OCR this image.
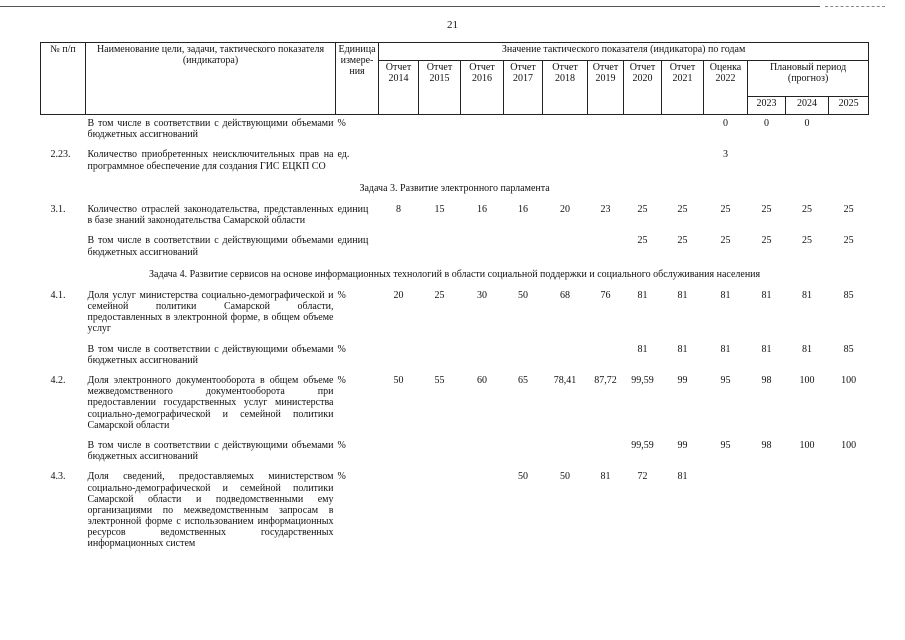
21
№ п/п	Наименование цели, задачи, тактического показателя (индикатора)	Единица измере-ния	Значение тактического показателя (индикатора) по годам											
			Отчет 2014	Отчет 2015	Отчет 2016	Отчет 2017	Отчет 2018	Отчет 2019	Отчет 2020	Отчет 2021	Оценка 2022	Плановый период (прогноз)		
												2023	2024	2025
	В том числе в соответствии с действующими объемами бюджетных ассигнований	%									0	0	0	
2.23.	Количество приобретенных неисключительных прав на программное обеспечение для создания ГИС ЕЦКП СО	ед.									3			
Задача 3. Развитие электронного парламента														
3.1.	Количество отраслей законодательства, представленных в базе знаний законодательства Самарской области	единиц	8	15	16	16	20	23	25	25	25	25	25	25
	В том числе в соответствии с действующими объемами бюджетных ассигнований	единиц							25	25	25	25	25	25
Задача 4. Развитие сервисов на основе информационных технологий в области социальной поддержки и социального обслуживания населения														
4.1.	Доля услуг министерства социально-демографической и семейной политики Самарской области, предоставленных в электронной форме, в общем объеме услуг	%	20	25	30	50	68	76	81	81	81	81	81	85
	В том числе в соответствии с действующими объемами бюджетных ассигнований	%							81	81	81	81	81	85
4.2.	Доля электронного документооборота в общем объеме межведомственного документооборота при предоставлении государственных услуг министерства социально-демографической и семейной политики Самарской области	%	50	55	60	65	78,41	87,72	99,59	99	95	98	100	100
	В том числе в соответствии с действующими объемами бюджетных ассигнований	%							99,59	99	95	98	100	100
4.3.	Доля сведений, предоставляемых министерством социально-демографической и семейной политики Самарской области и подведомственными ему организациями по межведомственным запросам в электронной форме с использованием информационных ресурсов ведомственных государственных информационных систем	%				50	50	81	72	81				
